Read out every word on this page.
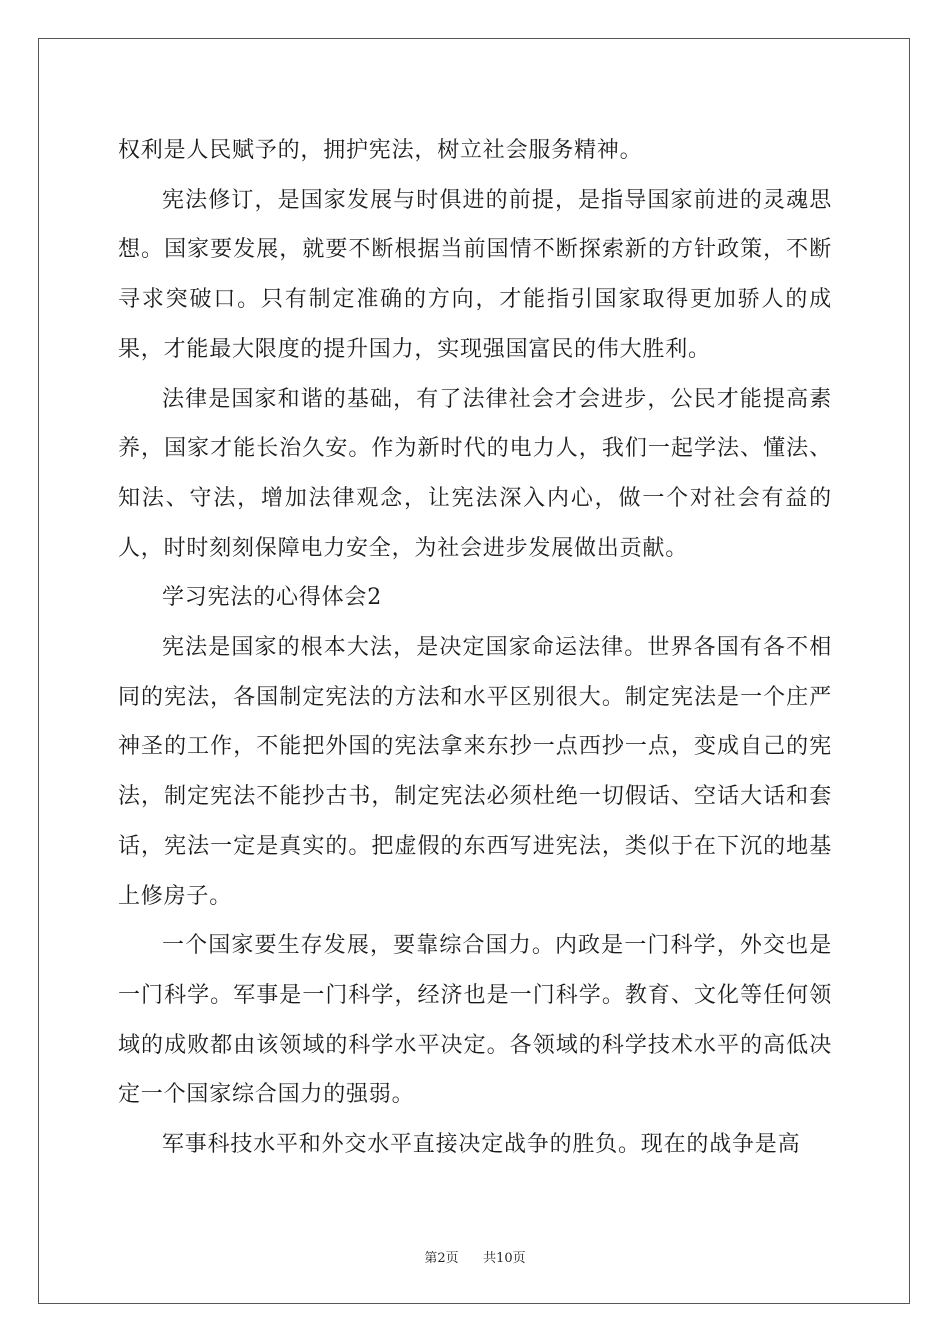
权利是人民赋予的，拥护宪法，树立社会服务精神。

宪法修订，是国家发展与时俱进的前提，是指导国家前进的灵魂思想。国家要发展，就要不断根据当前国情不断探索新的方针政策，不断寻求突破口。只有制定准确的方向，才能指引国家取得更加骄人的成果，才能最大限度的提升国力，实现强国富民的伟大胜利。

法律是国家和谐的基础，有了法律社会才会进步，公民才能提高素养，国家才能长治久安。作为新时代的电力人，我们一起学法、懂法、知法、守法，增加法律观念，让宪法深入内心，做一个对社会有益的人，时时刻刻保障电力安全，为社会进步发展做出贡献。

学习宪法的心得体会2

宪法是国家的根本大法，是决定国家命运法律。世界各国有各不相同的宪法，各国制定宪法的方法和水平区别很大。制定宪法是一个庄严神圣的工作，不能把外国的宪法拿来东抄一点西抄一点，变成自己的宪法，制定宪法不能抄古书，制定宪法必须杜绝一切假话、空话大话和套话，宪法一定是真实的。把虚假的东西写进宪法，类似于在下沉的地基上修房子。

一个国家要生存发展，要靠综合国力。内政是一门科学，外交也是一门科学。军事是一门科学，经济也是一门科学。教育、文化等任何领域的成败都由该领域的科学水平决定。各领域的科学技术水平的高低决定一个国家综合国力的强弱。

军事科技水平和外交水平直接决定战争的胜负。现在的战争是高

第2页 共10页
